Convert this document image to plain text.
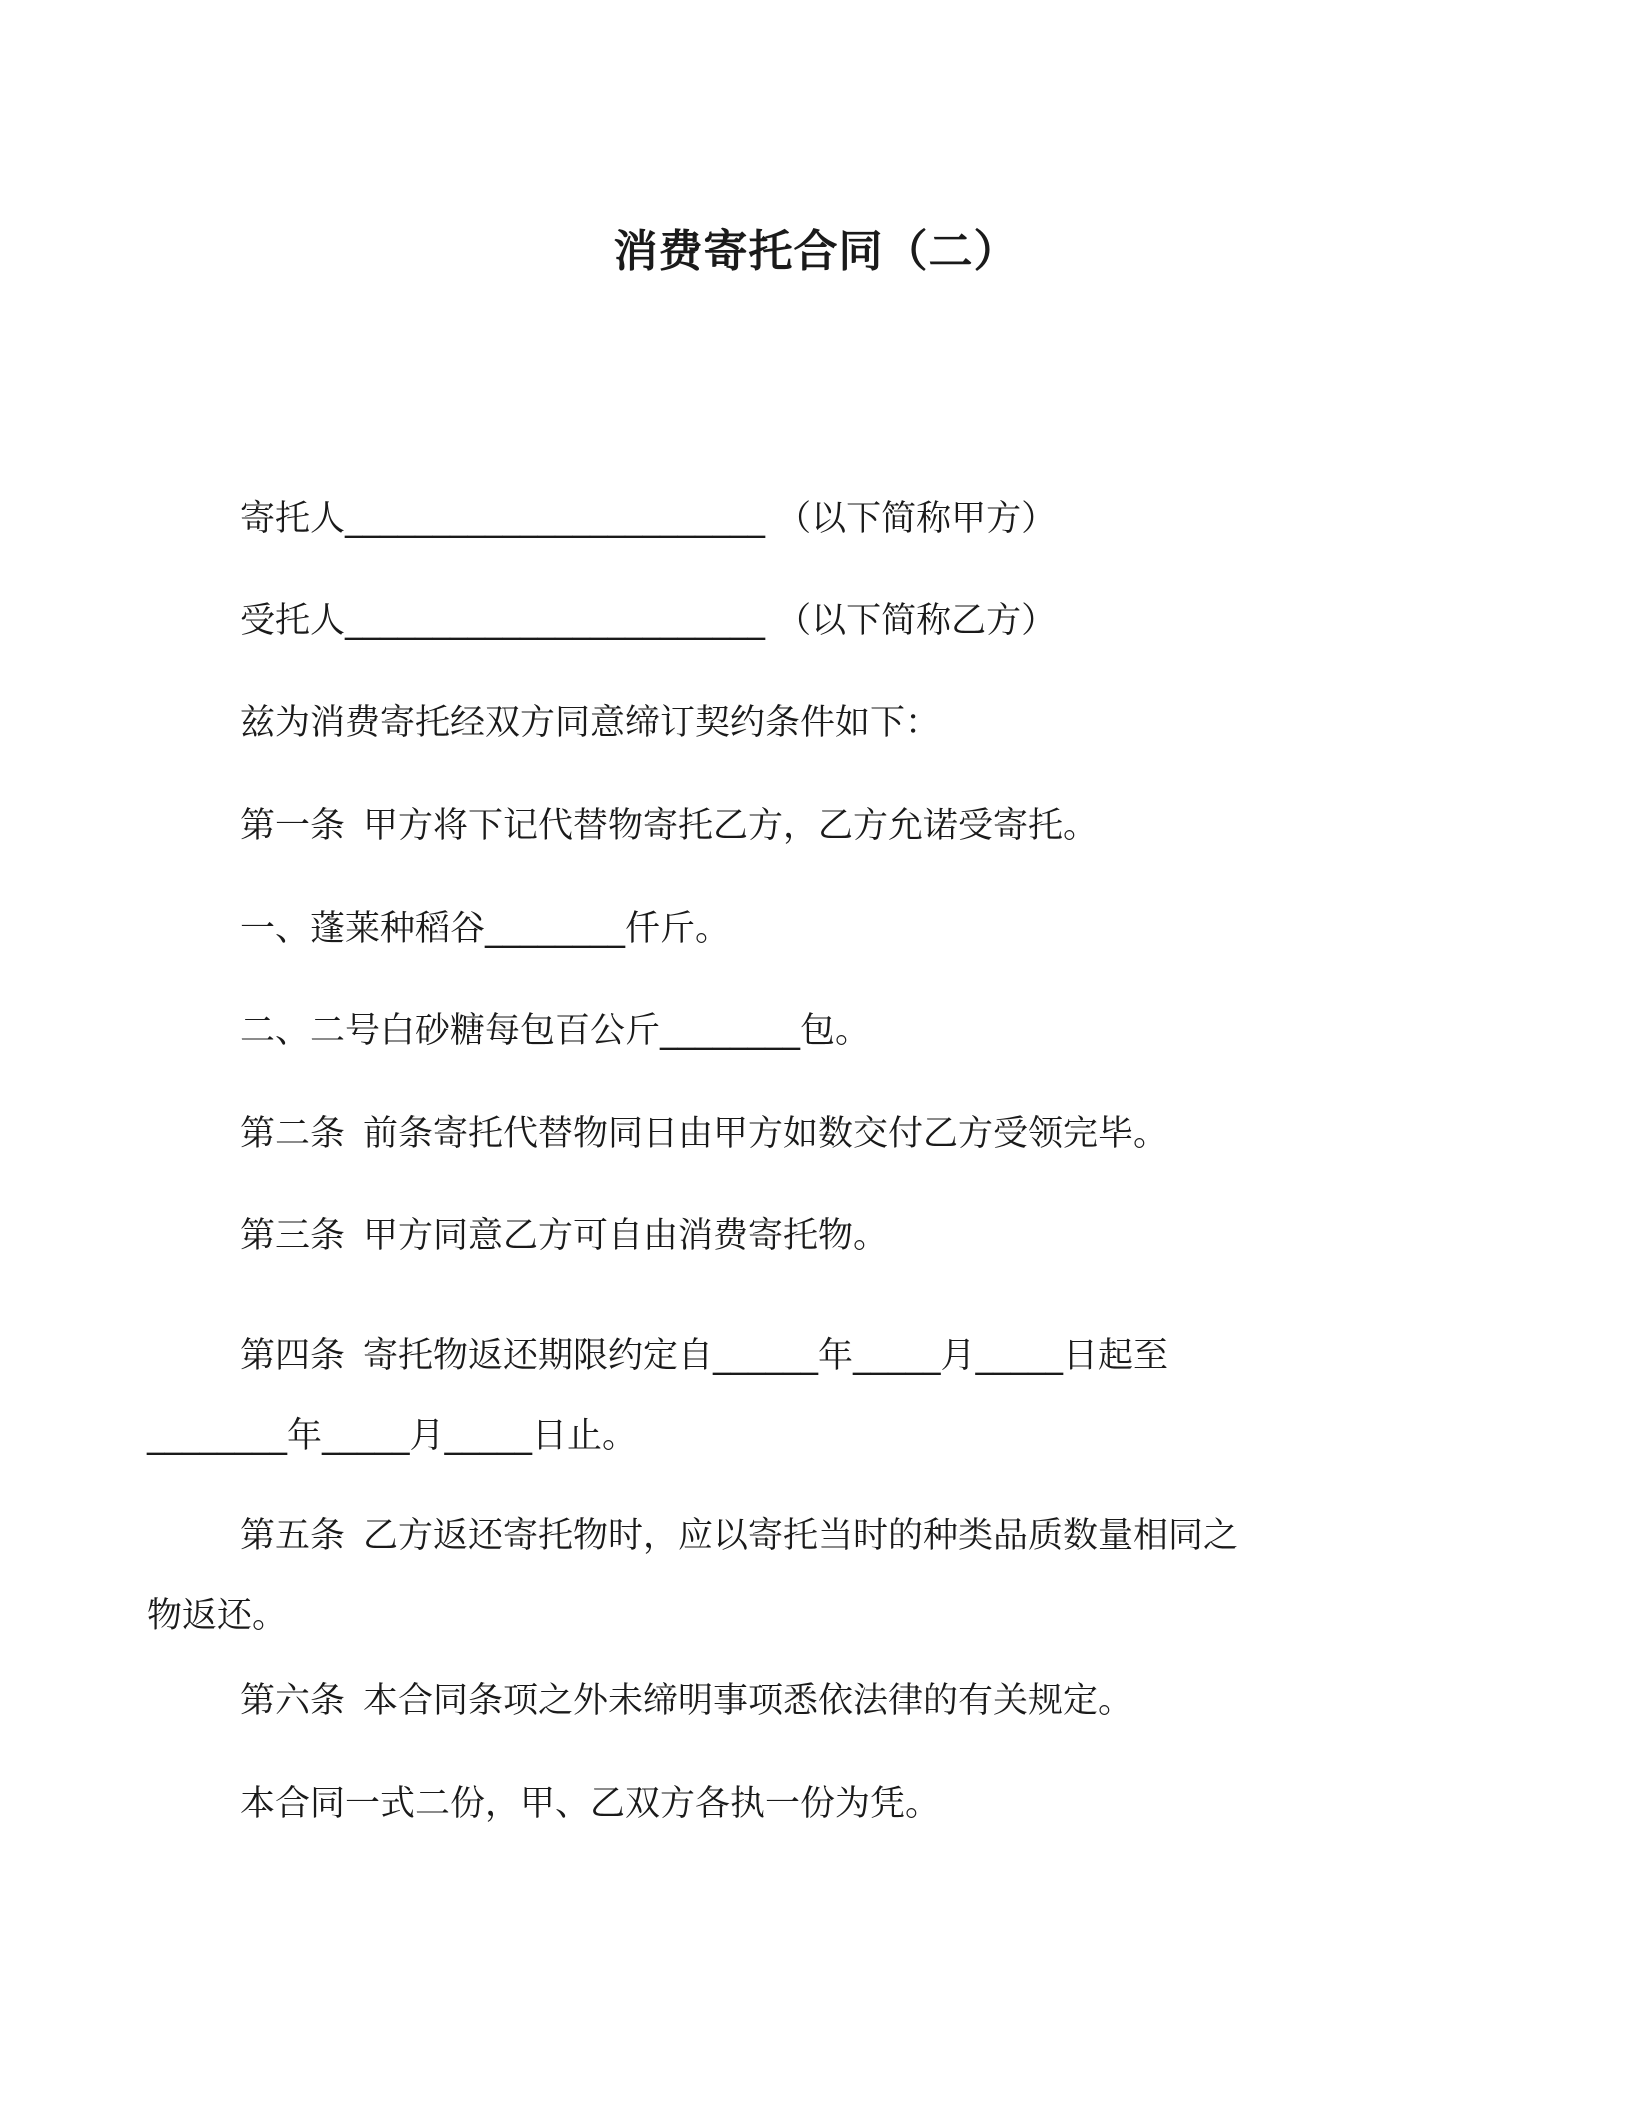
消费寄托合同（二）
寄托人________________________ （以下简称甲方）
受托人________________________ （以下简称乙方）
兹为消费寄托经双方同意缔订契约条件如下：
第一条 甲方将下记代替物寄托乙方，乙方允诺受寄托。
一、蓬莱种稻谷________仟斤。
二、二号白砂糖每包百公斤________包。
第二条 前条寄托代替物同日由甲方如数交付乙方受领完毕。
第三条 甲方同意乙方可自由消费寄托物。
第四条 寄托物返还期限约定自______年_____月_____日起至________年_____月_____日止。
第五条 乙方返还寄托物时，应以寄托当时的种类品质数量相同之物返还。
第六条 本合同条项之外未缔明事项悉依法律的有关规定。
本合同一式二份，甲、乙双方各执一份为凭。
